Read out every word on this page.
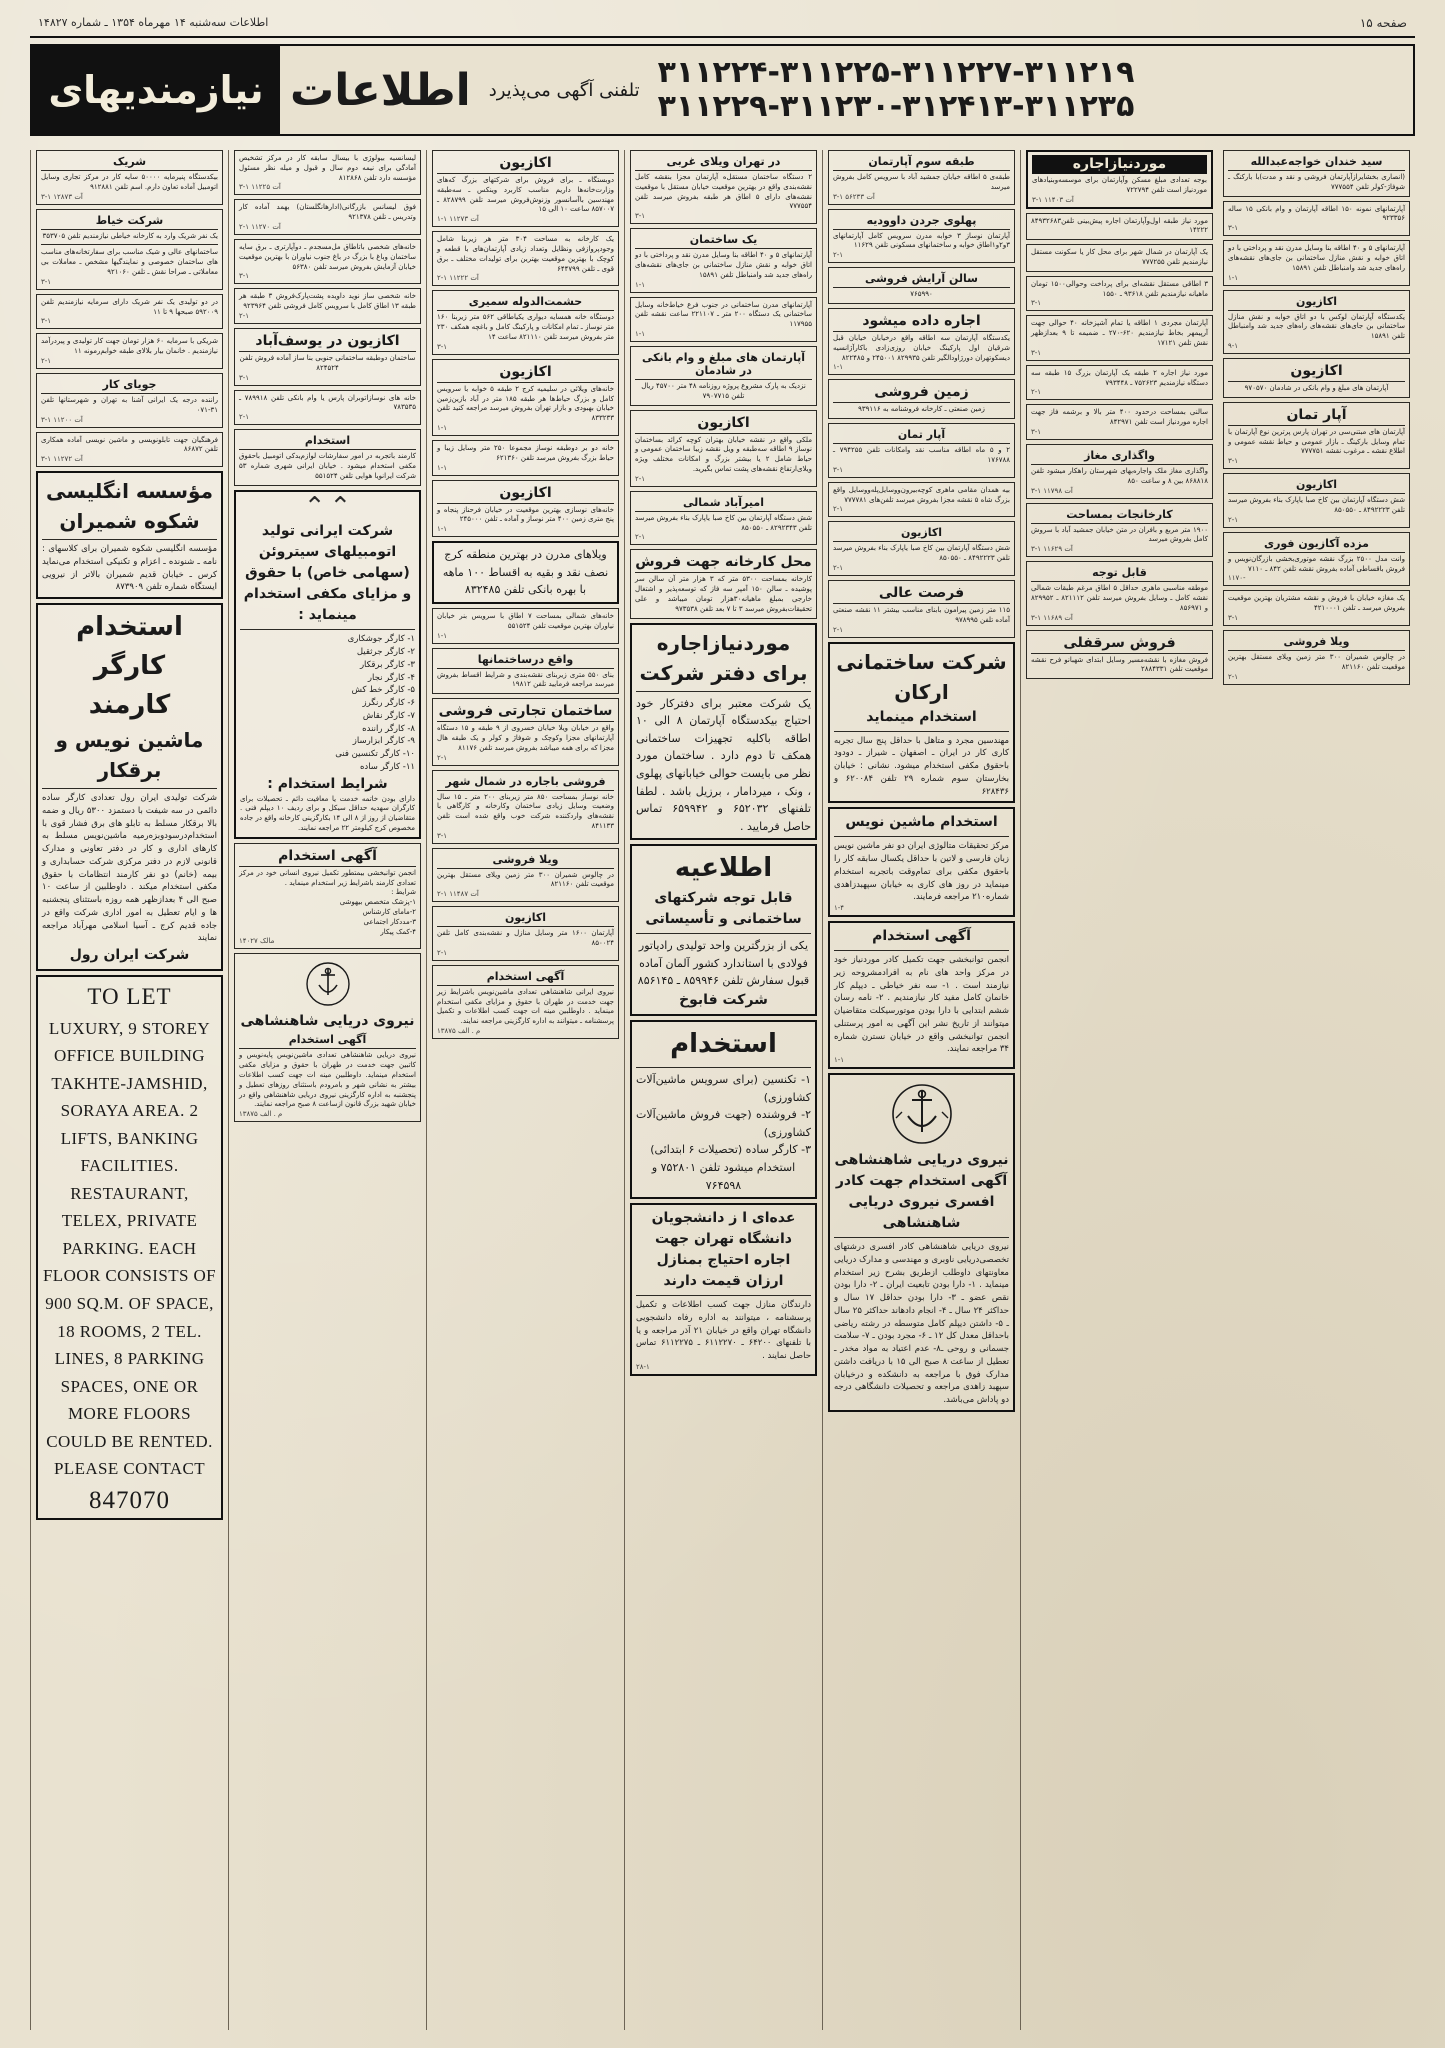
صفحه ۱۵
اطلاعات سه‌شنبه ۱۴ مهرماه ۱۳۵۴ ـ شماره ۱۴۸۲۷
نیازمندیهای اطلاعات	تلفنی آگهی می‌پذیرد ۳۱۱۲۲۴-۳۱۱۲۲۵-۳۱۱۲۲۷-۳۱۱۲۱۹
۳۱۱۲۲۹-۳۱۱۲۳۰-۳۱۲۴۱۳-۳۱۱۲۳۵
شریک
بیکدستگاه پنیرمایه ۵۰۰۰۰ سایه کار در مرکز تجاری وسایل اتومبیل آماده تعاون دارم. اسم تلفن ۹۱۲۸۸۱
۳-۱ آت ۱۲۸۷۳
شرکت خیاط
یک نفر شریک وارد به کارخانه خیاطی نیازمندیم تلفن ۳۵۳۷۰۵
ساختمانهای عالی و شیک مناسب برای سفارتخانه‌های مناسب های ساختمان خصوصی و نمایندگیها مشخص ـ معاملات بی معاملاتی ـ صراحا نقش ـ تلفن ۹۲۱۰۶۰
۳-۱
در دو تولیدی یک نفر شریک دارای سرمایه نیازمندیم تلفن ۵۹۲۰۰۹ صبحها ۹ تا ۱۱
۳-۱
شریکی با سرمایه ۶۰ هزار تومان جهت کار تولیدی و پیردرآمد نیازمندیم . خانمان بیار بلالای طبقه خوابم‌رمونه ۱۱
۲-۱
جویای کار
راننده درجه یک ایرانی آشنا به تهران و شهرستانها تلفن ۳۱-۰۷۱
۳-۱ آت ۱۱۲۰۰
فرهنگیان جهت تابلونویسی و ماشین نویسی آماده همکاری تلفن ۸۶۸۷۲
۳-۱ آت ۱۱۲۷۲
مؤسسه انگلیسی شکوه شمیران
مؤسسه انگلیسی شکوه شمیران برای کلاسهای : نامه ـ شنونده ـ اعزام و تکنیکی استخدام می‌نماید کرس ـ خیابان قدیم شمیران بالاتر از نیرویی ایستگاه شماره تلفن ۸۷۳۹۰۹
استخدام کارگر
کارمند
ماشین نویس و برقکار
شرکت تولیدی ایران رول تعدادی کارگر ساده دائمی در سه شیفت با دستمزد ۵۳۰۰ ریال و ضمه بالا برقکار مسلط به تابلو های برق فشار قوی با استخدام‌درسودوبزه‌رمیه ماشین‌نویس مسلط به کارهای اداری و کار در دفتر تعاونی و مدارک قانونی لازم در دفتر مرکزی شرکت حسابداری و بیمه (خانم) دو نفر کارمند انتظامات با حقوق مکفی استخدام میکند . داوطلبین از ساعت ۱۰ صبح الی ۴ بعدازظهر همه روزه باستثنای پنجشنبه ها و ایام تعطیل به امور اداری شرکت واقع در جاده قدیم کرج ـ آسیا اسلامی مهرآباد مراجعه نمایند
شرکت ایران رول
TO LET
LUXURY, 9 STOREY OFFICE BUILDING TAKHTE-JAMSHID, SORAYA AREA. 2 LIFTS, BANKING FACILITIES. RESTAURANT, TELEX, PRIVATE PARKING. EACH FLOOR CONSISTS OF 900 SQ.M. OF SPACE, 18 ROOMS, 2 TEL. LINES, 8 PARKING SPACES, ONE OR MORE FLOORS COULD BE RENTED. PLEASE CONTACT
847070
لیسانسیه بیولوژی با بیسال سابقه کار در مرکز تشخیص آمادگی برای نیمه دوم سال و قبول و میله نظر مسئول مؤسسه دارد تلفن ۸۱۲۸۶۸
۳-۱ آت ۱۱۲۲۵
فوق لیسانس بازرگانی(ادارهانگلستان) بهمد آماده کار وتدریس ـ تلفن ۹۲۱۳۷۸
۲-۱ آت ۱۱۲۷۰
خانه‌های شخصی باتاطاق مل‌مسجدم ـ دوآپارتری ـ برق سایه ساختمان وباغ با بزرگ در باغ جنوب نیاوران با بهترین موقعیت خیابان آزمایش بفروش میرسد تلفن ۵۶۳۸۰
۳-۱
خانه شخصی ساز نوید داویده پشت‌پارک‌فروش ۳ طبقه هر طبقه ۱۳ اطاق کامل با سرویس کامل فروشی تلفن ۹۲۳۹۶۴
۲-۱
اکازیون در یوسف‌آباد
ساختمان دوطبقه ساختمانی جنوبی بنا ساز آماده فروش تلفن ۸۲۴۵۲۴
۳-۱
خانه های نوسازاتوبران پارس یا وام بانکی تلفن ۷۸۹۹۱۸ ـ ۷۸۳۵۳۵
۲-۱
استخدام
کارمند باتجربه در امور سفارشات لوازم‌یدکی اتومبیل باحقوق مکفی استخدام میشود . خیابان ایرانی شهری شماره ۵۳ شرکت ایرانویا هوایی تلفن ۵۵۱۵۲۴
⌃
⌃
شرکت ایرانی تولید اتومبیلهای سیتروئن (سهامی خاص) با حقوق و مزایای مکفی استخدام مینماید :
۱- کارگر جوشکاری
۲- کارگر جرثقیل
۳- کارگر برقکار
۴- کارگر نجار
۵- کارگر خط کش
۶- کارگر رنگرز
۷- کارگر نقاش
۸- کارگر راننده
۹- کارگر ابزارساز
۱۰- کارگر تکنسین فنی
۱۱- کارگر ساده
شرایط استخدام :
دارای بودن خاتمه خدمت یا معافیت دائم ـ تحصیلات برای کارگران سهدیه حداقل سیکل و برای ردیف ۱۰ دیپلم فنی . متقاضیان از روز از ۸ الی ۱۴ بکارگزینی کارخانه واقع در جاده مخصوص کرج کیلومتر ۲۲ مراجعه نمایند.
آگهی استخدام
انجمن توانبخشی بیمتطور تکمیل نیروی انسانی خود در مرکز تعدادی کارمند باشرایط زیر استخدام مینماید .
شرایط :
۱-پزشک متخصص بیهوشی
۲-مامای کارشناس
۳-مددکار اجتماعی
۴-کمک پیکار
مالک ۱۴۰۲۷
نیروی دریایی شاهنشاهی
آگهی استخدام
نیروی دریایی شاهنشاهی تعدادی ماشین‌نویس پایه‌نویس و کاتبین جهت خدمت در طهران با حقوق و مزایای مکفی استخدام مینماید. داوطلبین مینه ات جهت کسب اطلاعات بیشتر به نشانی شهر و بامرودم باستثنای روزهای تعطیل و پنجشنبه به اداره کارگزینی نیروی دریایی شاهنشاهی واقع در خیابان شهید بزرگ قانون ازساعت ۸ صبح مراجعه نمایند.
م . الف ۱۳۸۷۵
اکازیون
دوبستگاه ـ برای فروش برای شرکتهای بزرگ که‌های وزارت‌خانه‌ها داریم مناسب کاربرد وینکس ـ سه‌طبقه مهندسین با‌آسانسور وزنوش‌فروش میرسد تلفن ۸۲۸۷۹۹ ـ ۸۵۷۰۰۷ ساعت ۱۰ الی ۱۵
۱-۱ آت ۱۱۲۷۳
یک کارخانه به مساحت ۳۰۴ متر هر زیربنا شامل وجودپروازفی ونظایل وتعداد زیادی آپارتمان‌های با قطعه و کوچک با بهترین موقعیت بهترین برای تولیدات مختلف ـ برق قوی ـ تلفن ۶۴۴۷۹۹
۲-۱ آت ۱۱۲۲۲
حشمت‌الدوله سمیری
دوستگاه خانه همسایه دیواری یکیاطاقی ۵۶۲ متر زیربنا ۱۶۰ متر نوساز ـ تمام امکانات و پارکینگ کامل و باغچه همکف ۲۳۰ متر بفروش میرسد تلفن ۸۲۱۱۱۰ ساعت ۱۴
۳-۱
اکازیون
خانه‌های ویلائی در سلیمیه کرج ۲ طبقه ۵ خوابه با سرویس کامل و بزرگ حیاط‌ها هر طبقه ۱۸۵ متر در آباد بازین‌زمین خیابان بهبودی و بازار تهران بفروش میرسد مراجعه کنید تلفن ۸۳۳۲۳۳
۱-۱
خانه دو بر دوطبقه نوساز مجموعا ۲۵۰ متر وسایل زیبا و حیاط بزرگ بفروش میرسد تلفن ۶۲۱۳۶۰
۱-۱
اکازیون
خانه‌های نوسازی بهترین موقعیت در خیابان فرحناز پنجاه و پنج متری زمین ۴۰۰ متر نوساز و آماده ـ تلفن ۲۴۵۰۰۰
۱-۱
ویلاهای مدرن در بهترین منطقه کرج نصف نقد و بقیه به اقساط ۱۰۰ ماهه با بهره بانکی تلفن ۸۳۲۴۸۵
خانه‌های شمالی بمساحت ۷ اطاق با سرویس بنر خیابان نیاوران بهترین موقعیت تلفن ۵۵۱۵۲۴
۱-۱
واقع درساختمانها
بنای ۵۵۰ متری زیربنای نقشه‌بندی و شرایط اقساط بفروش میرسد مراجعه فرمایید تلفن ۱۹۸۱۲
ساختمان تجارتی فروشی
واقع در خیابان ویلا خیابان خسروی از ۹ طبقه و ۱۵ دستگاه آپارتمانهای مجزا وکوچک و شوفاژ و کولر و یک طبقه هال مجزا که برای همه میباشد بفروش میرسد تلفن ۸۱۱۷۶
۲-۱
فروشی باجاره در شمال شهر
خانه نوساز بمساحت ۸۵۰ متر زیربنای ۲۰۰ متر ـ ۱۵ سال وضعیت وسایل زیادی ساختمان وکارخانه و کارگاهی با نقشه‌های واردکننده شرکت خوب واقع شده است تلفن ۸۴۱۱۳۳
۳-۱
ویلا فروشی
در چالوس شمیران ۳۰۰ متر زمین ویلای مستقل بهترین موقعیت تلفن ۸۲۱۱۶۰
۲-۱ آت ۱۱۴۸۷
اکازیون
آپارتمان ۱۶۰۰ متر وسایل منازل و نقشه‌بندی کامل تلفن ۸۵۰۰۲۴
۲-۱
آگهی استخدام
نیروی ایرانی شاهنشاهی تعدادی ماشین‌نویس باشرایط زیر جهت خدمت در طهران با حقوق و مزایای مکفی استخدام مینماید . داوطلبین مینه ات جهت کسب اطلاعات و تکمیل پرسشنامه ـ میتوانند به اداره کارگزینی مراجعه نمایند.
م . الف ۱۳۸۷۵
در تهران ویلای غربی
۲ دستگاه ساختمان مستقل‌ه آپارتمان مجزا بنقشه کامل نقشه‌بندی واقع در بهترین موقعیت خیابان مستقل با موقعیت نقشه‌های دارای ۵ اطاق هر طبقه بفروش میرسد تلفن ۷۷۷۵۵۴
۳-۱
یک ساختمان
آپارتمانهای ۵ و ۴۰ اطاقه بنا وسایل مدرن نقد و پرداختی با دو اتاق خوابه و نقش منازل ساختمانی بن جای‌های نقشه‌های راه‌های جدید شد وامنباطل تلفن ۱۵۸۹۱
۱-۱
آپارتمانهای مدرن ساختمانی در جنوب فرع خیاط‌خانه وسایل ساختمانی یک دستگاه ۲۰۰ متر ـ ۲۲۱۱۰۷ ساعت نقشه تلفن ۱۱۷۹۵۵
۱-۱
آپارتمان های مبلغ و وام بانکی در شادمان
نزدیک به پارک مشروع پروژه روزنامه ۴۸ متر ۴۵۷۰۰ ریال تلفن ۷۹۰۷۷۱۵
اکازیون
ملکی واقع در نقشه خیابان بهتران کوچه کرائد بساختمان نوساز ۹ اطاقه سه‌طبقه و ویل نقشه زیبا ساختمان عمومی و حیاط شامل ۲ یا بیشتر بزرگ و امکانات مختلف ویژه ویلای‌ارتفاع نقشه‌های پشت تماس بگیرید.
۲-۱
امیرآباد شمالی
شش دستگاه آپارتمان بین کاخ صبا یاپارک بناء بفروش میرسد تلفن ۸۲۹۲۳۴۳ ـ ۸۵۰۵۵۰
۲-۱
محل کارخانه جهت فروش
کارخانه بمساحت ۵۳۰۰ متر که ۳ هزار متر آن سالن سر پوشیده ـ سالن ۱۵۰ آمپر سه فاز که توسعه‌پذیر و اشتغال خارجی بمبلغ ماهیانه۳۰هزار تومان میباشد و علی تحقیقات‌بفروش میرسد ۳ تا ۷ بعد تلفن ۹۷۳۵۳۸
موردنیازاجاره برای دفتر شرکت
یک شرکت معتبر برای دفترکار خود احتیاج بیکدستگاه آپارتمان ۸ الی ۱۰ اطاقه باکلیه تجهیزات ساختمانی همکف تا دوم دارد . ساختمان مورد نظر می بایست حوالی خیابانهای پهلوی ، ونک ، میردامار ، برزیل باشد . لطفا تلفنهای ۶۵۲۰۳۲ و ۶۵۹۹۴۲ تماس حاصل فرمایید .
اطلاعیه
قابل توجه شرکتهای ساختمانی و تأسیساتی
یکی از بزرگترین واحد تولیدی رادیاتور فولادی با استاندارد کشور آلمان آماده قبول سفارش تلفن ۸۵۹۹۴۶ ـ ۸۵۶۱۴۵
شرکت فابوخ
استخدام
۱- تکنسین (برای سرویس ماشین‌آلات کشاورزی)
۲- فروشنده (جهت فروش ماشین‌آلات کشاورزی)
۳- کارگر ساده (تحصیلات ۶ ابتدائی)
استخدام میشود تلفن ۷۵۲۸۰۱ و ۷۶۴۵۹۸
عده‌ای ا ز دانشجویان دانشگاه تهران جهت اجاره احتیاج بمنازل ارزان قیمت دارند
دارندگان منازل جهت کسب اطلاعات و تکمیل پرسشنامه ، میتوانند به اداره رفاه دانشجویی دانشگاه تهران واقع در خیابان ۲۱ آذر مراجعه و یا با تلفنهای ۶۴۲۰۰ ـ ۶۱۱۲۲۷۰ ـ ۶۱۱۲۲۷۵ تماس حاصل نمایند .
۲۸-۱
طبقه سوم آپارتمان
طبقه‌ی ۵ اطاقه خیابان جمشید آباد با سرویس کامل بفروش میرسد
۳-۱ آت ۵۶۲۳۳
پهلوی جردن داوودیه
آپارتمان نوساز ۳ خوابه مدرن سرویس کامل آپارتمانهای ۳و۲و۱اطاق خوابه و ساختمانهای مسکونی تلفن ۱۱۶۲۹
۲-۱
سالن آرایش فروشی
۷۶۵۹۹۰
اجاره داده میشود
یکدستگاه آپارتمان سه اطاقه واقع درخیابان خیابان قبل شرقیان اول پارکینگ خیابان روزی‌زادی باکارآژانسیه دیسکوتهران دورژاودالگیر تلفن ۸۲۹۹۳۵ ۲۴۵۰۰۱ و ۸۲۲۴۸۵
۱-۱
زمین فروشی
زمین صنعتی ـ کارخانه فروشنامه به ۹۳۹۱۱۶
آپار تمان
۲ و ۵ ماه اطاقه مناسب نقد وامکانات تلفن ۷۹۴۲۵۵ ـ ۱۷۶۷۸۸
۳-۱
بیه همدان مقامی ماهری کوچه‌بیرون‌ووسایل‌پله‌ووسایل واقع بزرگ شاه ۵ نقشه مجزا بفروش میرسد تلفن‌های ۷۷۷۷۸۱
۲-۱
اکازیون
شش دستگاه آپارتمان بین کاخ صبا یاپارک بناء بفروش میرسد تلفن ۸۴۹۲۲۲۳ ـ ۸۵۰۵۵۰
۲-۱
فرصت عالی
۱۱۵ متر زمین پیرامون بابنای مناسب بیشتر ۱۱ نقشه صنعتی آماده تلفن ۹۷۸۹۹۵
۲-۱
شرکت ساختمانی ارکان
استخدام مینماید
مهندسین مجرد و متاهل با حداقل پنج سال تجربه کاری کار در ایران ـ اصفهان ـ شیراز ـ دودود باحقوق مکفی استخدام میشود. نشانی : خیابان بخارستان سوم شماره ۲۹ تلفن ۶۲۰۰۸۴ و ۶۲۸۴۳۶
استخدام ماشین نویس
مرکز تحقیقات متالوژی ایران دو نفر ماشین نویس زبان فارسی و لاتین با حداقل یکسال سابقه کار را باحقوق مکفی برای تمام‌وقت باتجربه استخدام مینماید در روز های کاری به خیابان سپهبدزاهدی شماره۲۱۰ مراجعه فرمایند.
۱-۴
آگهی استخدام
انجمن توانبخشی جهت تکمیل کادر موردنیاز خود در مرکز واحد های نام به افرادمشروحه زیر نیازمند است . ۱- سه نفر خیاطی ـ دیپلم کار خانمان کامل مفید کار نیازمندیم . ۲- نامه رسان ششم ابتدایی با دارا بودن موتورسیکلت متقاضیان میتوانند از تاریخ نشر این آگهی به امور پرستنلی انجمن توانبخشی واقع در خیابان نسترن شماره ۳۴ مراجعه نمایند.
۱-۱
نیروی دریایی شاهنشاهی
آگهی استخدام جهت کادر افسری نیروی دریایی شاهنشاهی
نیروی دریایی شاهنشاهی کادر افسری درشتهای تخصصی‌دریایی ناوبری و مهندسی و مدارک دریایی معاونتهای داوطلب ازطریق بشرح زیر استخدام مینماید . ۱- دارا بودن تابعیت ایران ـ ۲- دارا بودن نقص عضو ـ ۳- دارا بودن حداقل ۱۷ سال و حداکثر ۲۴ سال ـ ۴- انجام دادهاند حداکثر ۲۵ سال ـ ۵- داشتن دیپلم کامل متوسطه در رشته ریاضی باحداقل معدل کل ۱۲ ـ ۶- مجرد بودن ـ ۷- سلامت جسمانی و روحی ـ۸- عدم اعتیاد به مواد مخدر ـ تعطیل از ساعت ۸ صبح الی ۱۵ با دریافت داشتن مدارک فوق با مراجعه به دانشکده و درخیابان سپهبد زاهدی مراجعه و تحصیلات دانشگاهی درجه دو پاداش می‌باشد.
موردنیازاجاره
بوجه تعدادی مبلغ مسکن وآپارتمان برای موسسه‌وبنیادهای موردنیاز است تلفن ۷۲۲۷۹۴
۳-۱ آت ۱۱۴۰۳
مورد نیاز طبقه اول‌وآپارتمان اجاره پیش‌بینی تلفن۸۴۹۳۲۶۸۳ ۱۴۲۲۲
یک آپارتمان در شمال شهر برای محل کار یا سکونت مستقل نیازمندیم تلفن ۷۷۷۲۵۵
۳ اطاقی مستقل نقشه‌ای برای پرداخت وحوالی‌۱۵۰۰ تومان ماهیانه نیازمندیم تلفن ۹۳۶۱۸ ـ ۱۵۵۰
۳-۱
آپارتمان مجردی ۱ اطاقه یا تمام آشپزخانه ۴۰ حوالی جهت آرپیمهر بخاط نیازمندیم ۶۲۰-۲۷۰ ـ ضمیمه تا ۹ بعدازظهر نقش تلفن ۱۷۱۲۱
۳-۱
مورد نیاز اجاره ۲ طبقه یک آپارتمان بزرگ ۱۵ طبقه سه دستگاه نیازمندیم ۷۵۲۶۲۳ ـ ۷۹۳۴۴۸
۲-۱
سالنی بمساحت درحدود ۴۰۰ متر بالا و برشمه فاز جهت اجاره موردنیاز است تلفن ۸۴۲۹۷۱
۳-۱
واگذاری مغاز
واگذاری مغاز ملک واجاره‌بهای شهرستان راهکار میشود تلفن ۸۶۸۸۱۸ بین ۸ و ساعت ۸۵۰
۳-۱ آت ۱۱۷۹۸
کارخانجات بمساحت
۱۹۰۰ متر مربع و بافران در متن خیابان جمشید آباد با سروش کامل بفروش میرسد
۳-۱ آت ۱۱۶۲۹
قابل توجه
موطقه مناسبی ماهری حداقل ۵ اطاق مرغم طبقات شمالی نقشه کامل ـ وسایل بفروش میرسد تلفن ۸۲۱۱۱۲ ـ ۸۲۹۹۵۲ و ۸۵۶۹۷۱
۳-۱ آت ۱۱۶۸۹
فروش سرقفلی
فروش مغازه با نقشه‌مسیر وسایل ابتدای شهبانو فرح نقشه موقعیت تلفن ۲۸۸۴۳۳۱
سید خندان خواجه‌عبدالله
(انصاری بخشایرازآپارتمان فروشی و نقد و مدت)با بارکنگ ـ شوفاژ-کولر تلفن ۷۷۷۵۵۴
آپارتمانهای نمونه ۱۵۰ اطاقه آپارتمان و وام بانکی ۱۵ ساله ۹۲۳۳۵۶
۳-۱
آپارتمانهای ۵ و ۴۰ اطاقه بنا وسایل مدرن نقد و پرداختی با دو اتاق خوابه و نقش منازل ساختمانی بن جای‌های نقشه‌های راه‌های جدید شد وامنباطل تلفن ۱۵۸۹۱
۱-۱
اکازیون
یکدستگاه آپارتمان لوکس با دو اتاق خوابه و نقش منازل ساختمانی بن جای‌های نقشه‌های راه‌های جدید شد وامنباطل تلفن ۱۵۸۹۱
۹-۱
اکازیون
آپارتمان های مبلغ و وام بانکی در شادمان ۹۷۰۵۷۰
آپار تمان
آپارتمان های مبتنی‌سی در تهران پارس پرترین نوع آپارتمان با تمام وسایل بارکینگ ـ بازار عمومی و حیاط نقشه عمومی و اطلاع نقشه ـ مرغوب نقشه ۷۷۷۷۵۱
۳-۱
اکازیون
شش دستگاه آپارتمان بین کاخ صبا یاپارک بناء بفروش میرسد تلفن ۸۴۹۲۲۲۳ ـ ۸۵۰۵۵۰
۲-۱
مزده آکازیون فوری
وانت‌ مدل ۲۵۰۰ بزرگ نقشه موتوری‌بخشی بازرگان‌نویس و فروش باقساطی آماده بفروش نقشه تلفن ۸۴۲ ـ ۷۱۱۰
۱۱۷۰-
یک مغازه خیابان با فروش و نقشه مشتریان بهترین موقعیت بفروش میرسد ـ تلفن ۴۲۱۰۰۰۱
۳-۱
ویلا فروشی
در چالوس شمیران ۳۰۰ متر زمین ویلای مستقل بهترین موقعیت تلفن ۸۲۱۱۶۰
۲-۱
